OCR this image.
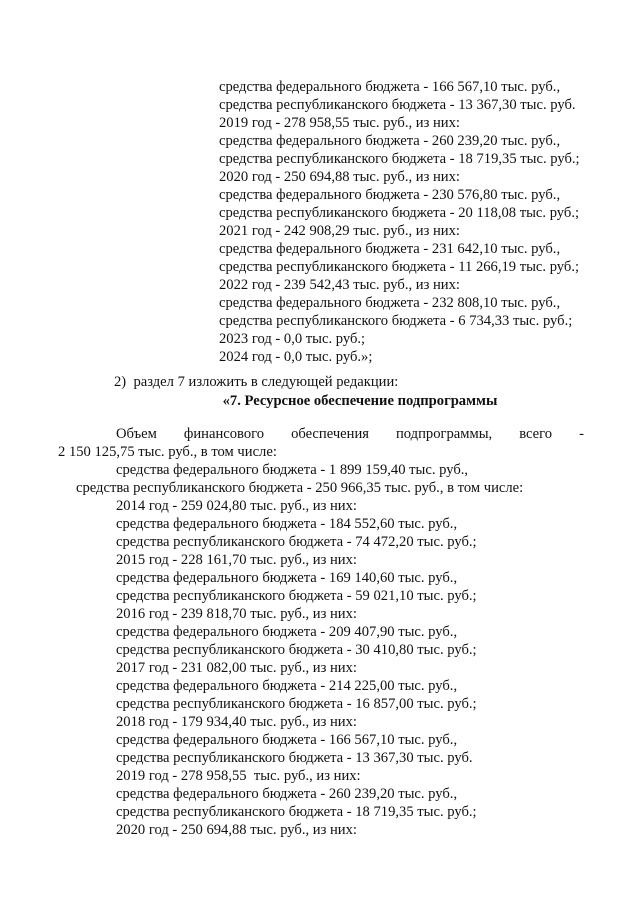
средства федерального бюджета - 166 567,10 тыс. руб.,
средства республиканского бюджета - 13 367,30 тыс. руб.
2019 год - 278 958,55 тыс. руб., из них:
средства федерального бюджета - 260 239,20 тыс. руб.,
средства республиканского бюджета - 18 719,35 тыс. руб.;
2020 год - 250 694,88 тыс. руб., из них:
средства федерального бюджета - 230 576,80 тыс. руб.,
средства республиканского бюджета - 20 118,08 тыс. руб.;
2021 год - 242 908,29 тыс. руб., из них:
средства федерального бюджета - 231 642,10 тыс. руб.,
средства республиканского бюджета - 11 266,19 тыс. руб.;
2022 год - 239 542,43 тыс. руб., из них:
средства федерального бюджета - 232 808,10 тыс. руб.,
средства республиканского бюджета - 6 734,33 тыс. руб.;
2023 год - 0,0 тыс. руб.;
2024 год - 0,0 тыс. руб.»;
2)  раздел 7 изложить в следующей редакции:
«7. Ресурсное обеспечение подпрограммы
Объем финансового обеспечения подпрограммы, всего -
2 150 125,75 тыс. руб., в том числе:
средства федерального бюджета - 1 899 159,40 тыс. руб.,
средства республиканского бюджета - 250 966,35 тыс. руб., в том числе:
2014 год - 259 024,80 тыс. руб., из них:
средства федерального бюджета - 184 552,60 тыс. руб.,
средства республиканского бюджета - 74 472,20 тыс. руб.;
2015 год - 228 161,70 тыс. руб., из них:
средства федерального бюджета - 169 140,60 тыс. руб.,
средства республиканского бюджета - 59 021,10 тыс. руб.;
2016 год - 239 818,70 тыс. руб., из них:
средства федерального бюджета - 209 407,90 тыс. руб.,
средства республиканского бюджета - 30 410,80 тыс. руб.;
2017 год - 231 082,00 тыс. руб., из них:
средства федерального бюджета - 214 225,00 тыс. руб.,
средства республиканского бюджета - 16 857,00 тыс. руб.;
2018 год - 179 934,40 тыс. руб., из них:
средства федерального бюджета - 166 567,10 тыс. руб.,
средства республиканского бюджета - 13 367,30 тыс. руб.
2019 год - 278 958,55  тыс. руб., из них:
средства федерального бюджета - 260 239,20 тыс. руб.,
средства республиканского бюджета - 18 719,35 тыс. руб.;
2020 год - 250 694,88 тыс. руб., из них:
